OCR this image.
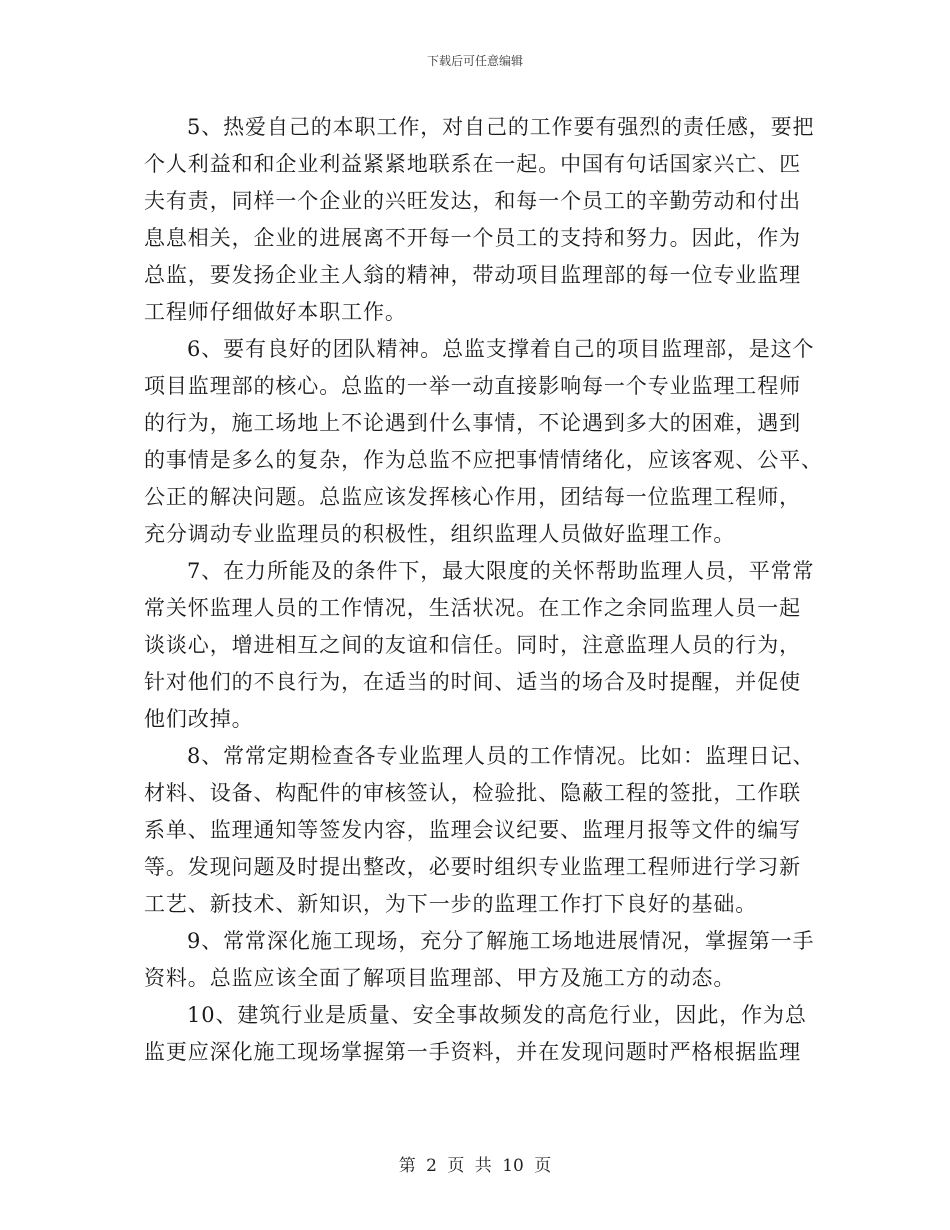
下载后可任意编辑
5、热爱自己的本职工作，对自己的工作要有强烈的责任感，要把
个人利益和和企业利益紧紧地联系在一起。中国有句话国家兴亡、匹
夫有责，同样一个企业的兴旺发达，和每一个员工的辛勤劳动和付出
息息相关，企业的进展离不开每一个员工的支持和努力。因此，作为
总监，要发扬企业主人翁的精神，带动项目监理部的每一位专业监理
工程师仔细做好本职工作。
6、要有良好的团队精神。总监支撑着自己的项目监理部，是这个
项目监理部的核心。总监的一举一动直接影响每一个专业监理工程师
的行为，施工场地上不论遇到什么事情，不论遇到多大的困难，遇到
的事情是多么的复杂，作为总监不应把事情情绪化，应该客观、公平、
公正的解决问题。总监应该发挥核心作用，团结每一位监理工程师，
充分调动专业监理员的积极性，组织监理人员做好监理工作。
7、在力所能及的条件下，最大限度的关怀帮助监理人员，平常常
常关怀监理人员的工作情况，生活状况。在工作之余同监理人员一起
谈谈心，增进相互之间的友谊和信任。同时，注意监理人员的行为，
针对他们的不良行为，在适当的时间、适当的场合及时提醒，并促使
他们改掉。
8、常常定期检查各专业监理人员的工作情况。比如：监理日记、
材料、设备、构配件的审核签认，检验批、隐蔽工程的签批，工作联
系单、监理通知等签发内容，监理会议纪要、监理月报等文件的编写
等。发现问题及时提出整改，必要时组织专业监理工程师进行学习新
工艺、新技术、新知识，为下一步的监理工作打下良好的基础。
9、常常深化施工现场，充分了解施工场地进展情况，掌握第一手
资料。总监应该全面了解项目监理部、甲方及施工方的动态。
10、建筑行业是质量、安全事故频发的高危行业，因此，作为总
监更应深化施工现场掌握第一手资料，并在发现问题时严格根据监理
第 2 页 共 10 页
